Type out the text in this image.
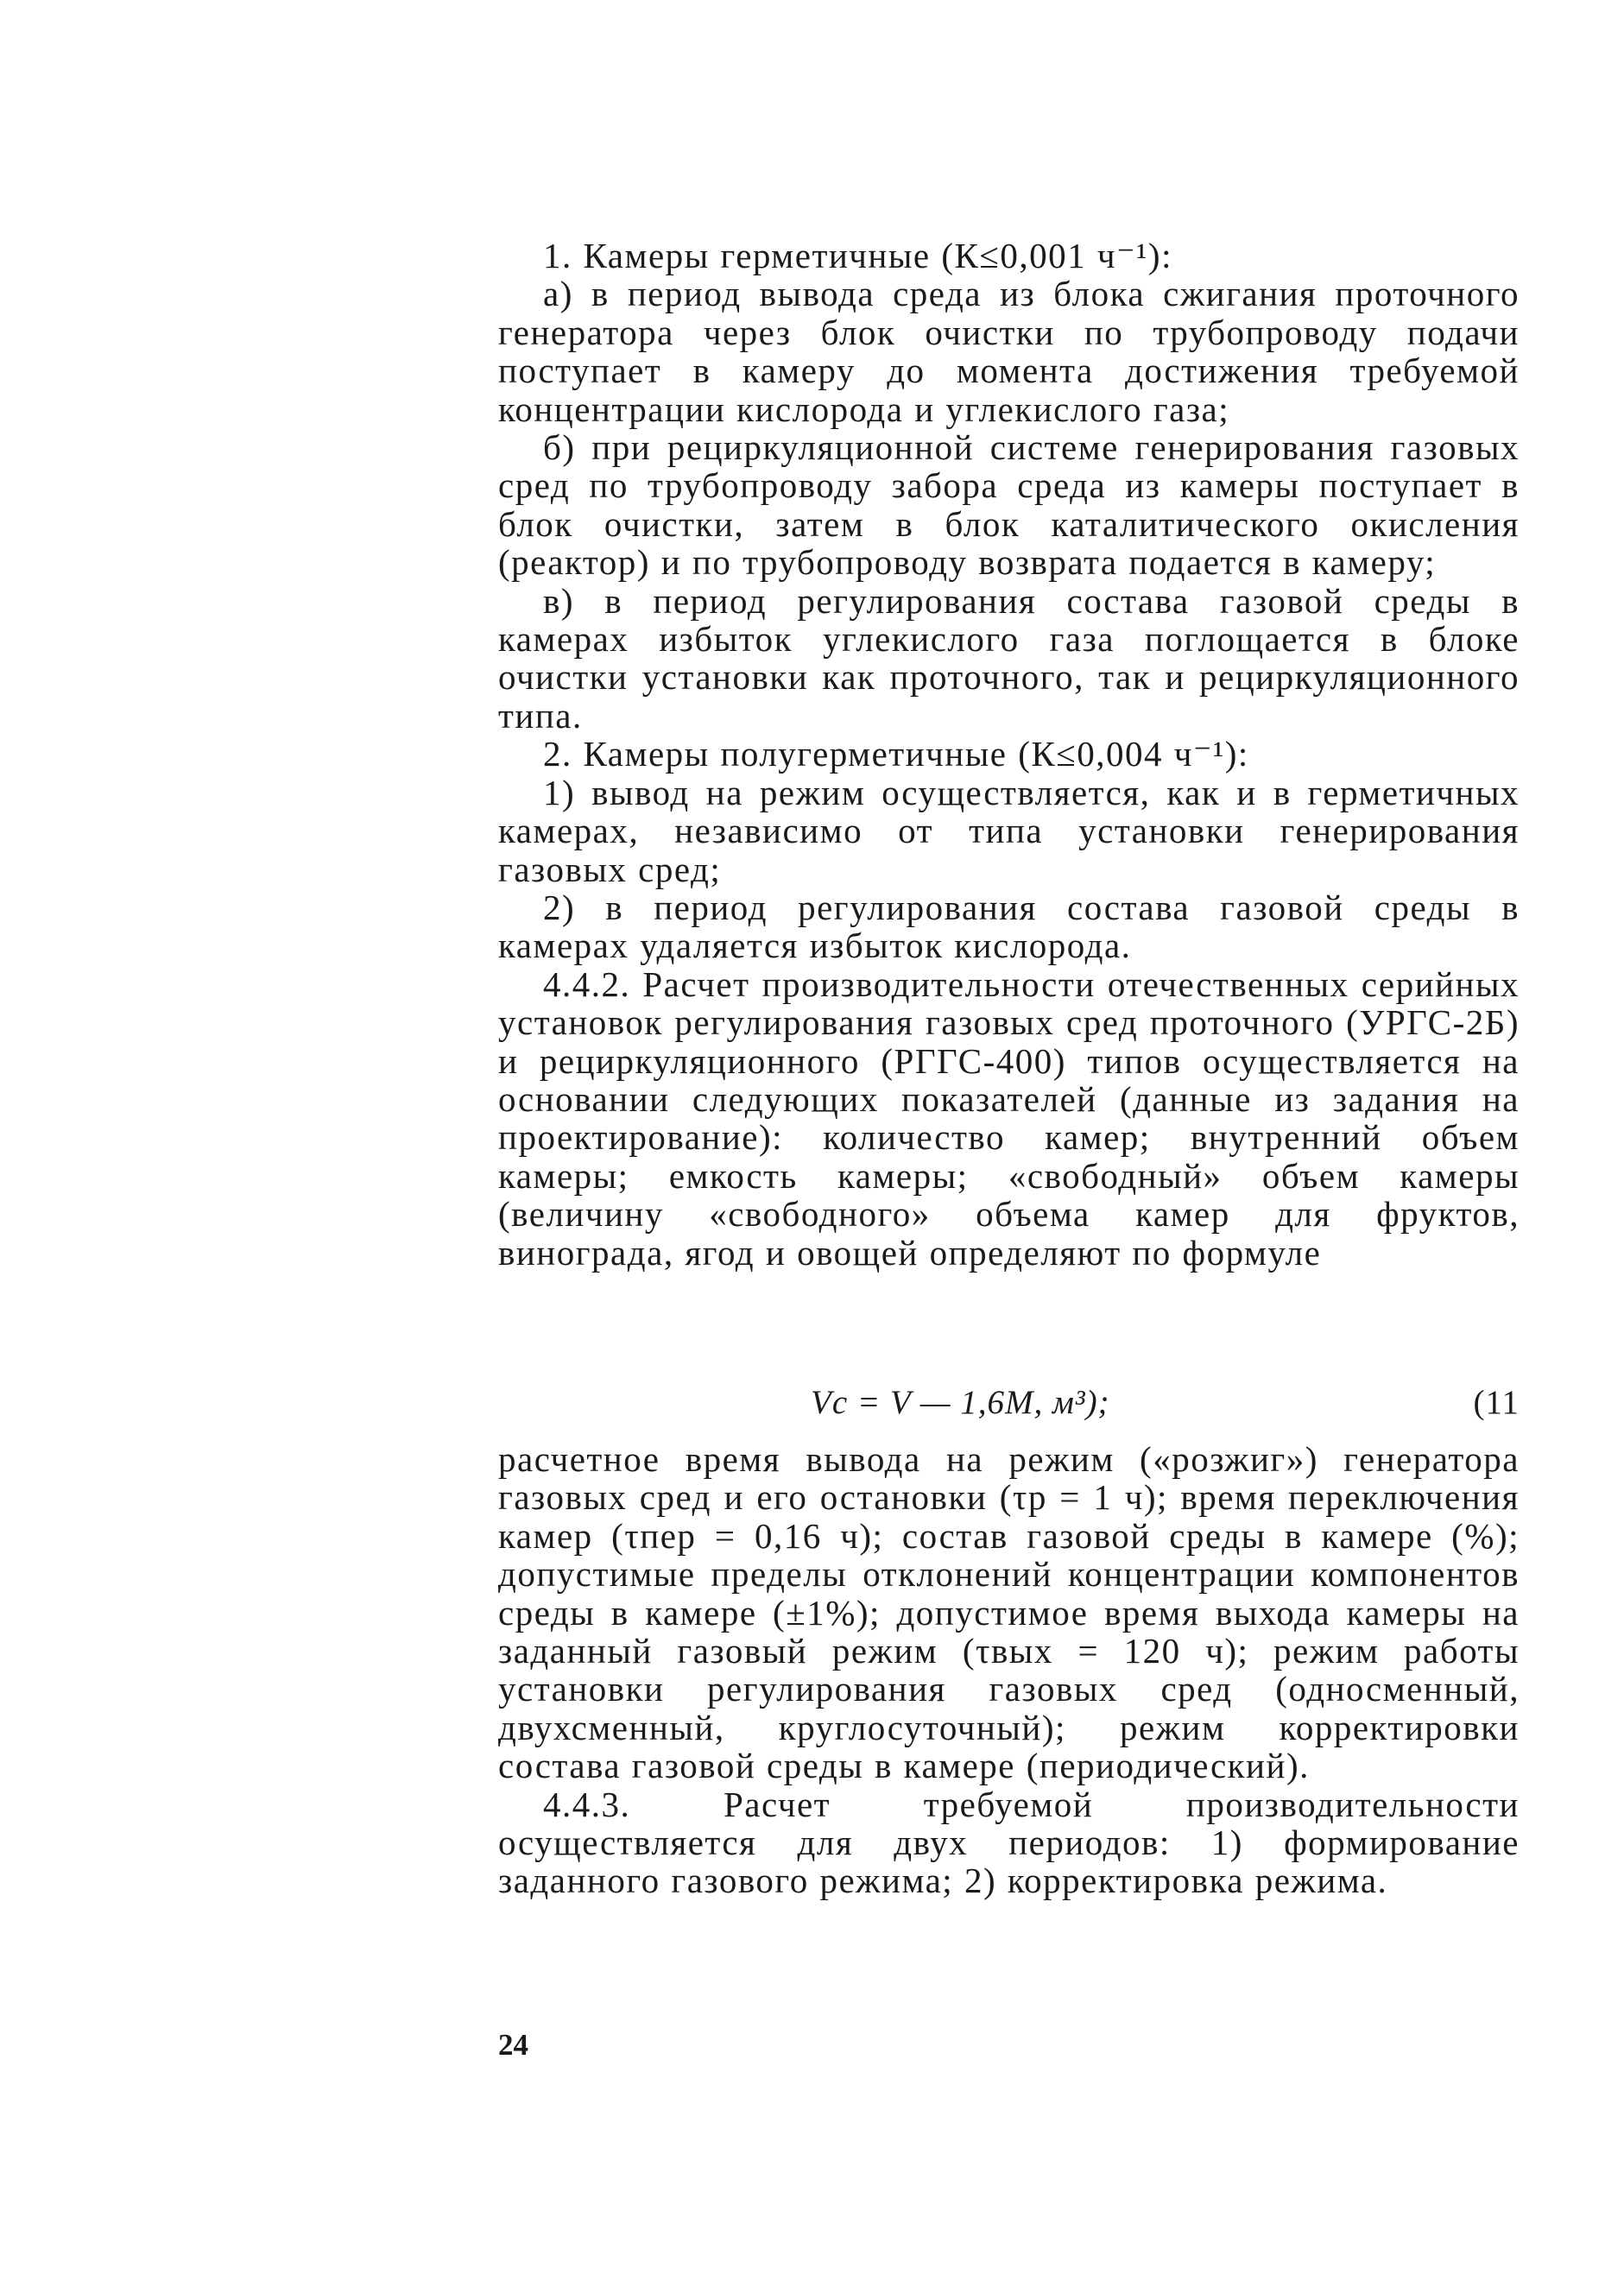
1. Камеры герметичные (К≤0,001 ч⁻¹):

а) в период вывода среда из блока сжигания проточного генератора через блок очистки по трубопроводу подачи поступает в камеру до момента достижения требуемой концентрации кислорода и углекислого газа;

б) при рециркуляционной системе генерирования газовых сред по трубопроводу забора среда из камеры поступает в блок очистки, затем в блок каталитического окисления (реактор) и по трубопроводу возврата подается в камеру;

в) в период регулирования состава газовой среды в камерах избыток углекислого газа поглощается в блоке очистки установки как проточного, так и рециркуляционного типа.

2. Камеры полугерметичные (К≤0,004 ч⁻¹):

1) вывод на режим осуществляется, как и в герметичных камерах, независимо от типа установки генерирования газовых сред;

2) в период регулирования состава газовой среды в камерах удаляется избыток кислорода.

4.4.2. Расчет производительности отечественных серийных установок регулирования газовых сред проточного (УРГС-2Б) и рециркуляционного (РГГС-400) типов осуществляется на основании следующих показателей (данные из задания на проектирование): количество камер; внутренний объем камеры; емкость камеры; «свободный» объем камеры (величину «свободного» объема камер для фруктов, винограда, ягод и овощей определяют по формуле

Vс = V — 1,6M, м³);	(11

расчетное время вывода на режим («розжиг») генератора газовых сред и его остановки (τр = 1 ч); время переключения камер (τпер = 0,16 ч); состав газовой среды в камере (%); допустимые пределы отклонений концентрации компонентов среды в камере (±1%); допустимое время выхода камеры на заданный газовый режим (τвых = 120 ч); режим работы установки регулирования газовых сред (односменный, двухсменный, круглосуточный); режим корректировки состава газовой среды в камере (периодический).

4.4.3. Расчет требуемой производительности осуществляется для двух периодов: 1) формирование заданного газового режима; 2) корректировка режима.

24
